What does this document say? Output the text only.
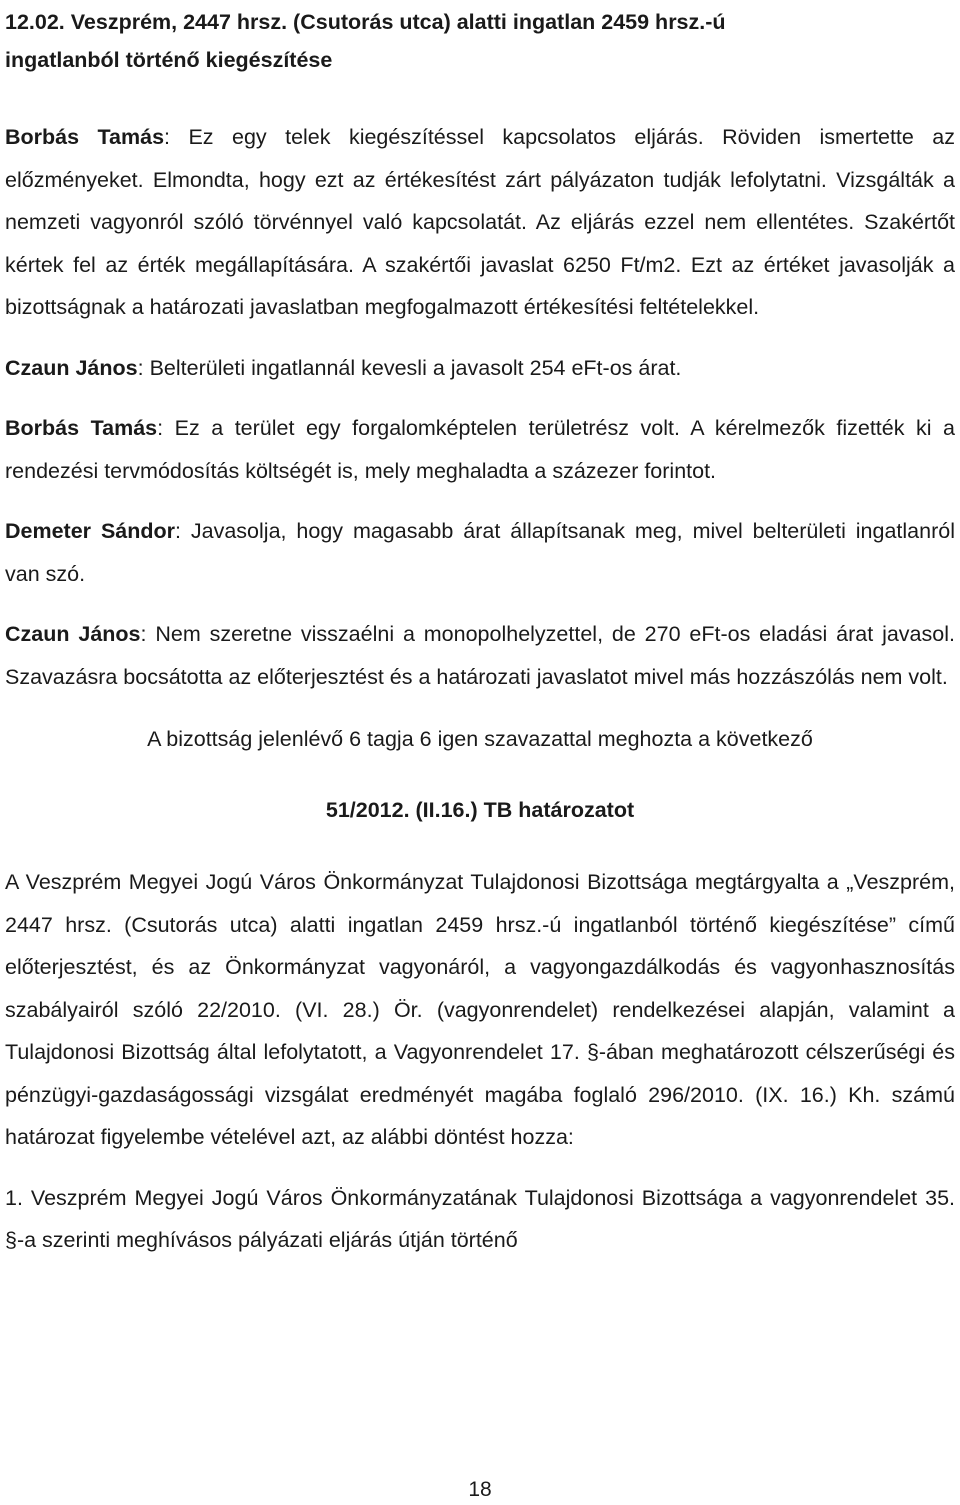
12.02. Veszprém, 2447 hrsz. (Csutorás utca) alatti ingatlan 2459 hrsz.-ú
ingatlanból történő kiegészítése

Borbás Tamás: Ez egy telek kiegészítéssel kapcsolatos eljárás. Röviden ismertette az előzményeket. Elmondta, hogy ezt az értékesítést zárt pályázaton tudják lefolytatni. Vizsgálták a nemzeti vagyonról szóló törvénnyel való kapcsolatát. Az eljárás ezzel nem ellentétes. Szakértőt kértek fel az érték megállapítására. A szakértői javaslat 6250 Ft/m2. Ezt az értéket javasolják a bizottságnak a határozati javaslatban megfogalmazott értékesítési feltételekkel.

Czaun János: Belterületi ingatlannál kevesli a javasolt 254 eFt-os árat.

Borbás Tamás: Ez a terület egy forgalomképtelen területrész volt. A kérelmezők fizették ki a rendezési tervmódosítás költségét is, mely meghaladta a százezer forintot.

Demeter Sándor: Javasolja, hogy magasabb árat állapítsanak meg, mivel belterületi ingatlanról van szó.

Czaun János: Nem szeretne visszaélni a monopolhelyzettel, de 270 eFt-os eladási árat javasol. Szavazásra bocsátotta az előterjesztést és a határozati javaslatot mivel más hozzászólás nem volt.

A bizottság jelenlévő 6 tagja 6 igen szavazattal meghozta a következő

51/2012. (II.16.) TB határozatot

A Veszprém Megyei Jogú Város Önkormányzat Tulajdonosi Bizottsága megtárgyalta a „Veszprém, 2447 hrsz. (Csutorás utca) alatti ingatlan 2459 hrsz.-ú ingatlanból történő kiegészítése” című előterjesztést, és az Önkormányzat vagyonáról, a vagyongazdálkodás és vagyonhasznosítás szabályairól szóló 22/2010. (VI. 28.) Ör. (vagyonrendelet) rendelkezései alapján, valamint a Tulajdonosi Bizottság által lefolytatott, a Vagyonrendelet 17. §-ában meghatározott célszerűségi és pénzügyi-gazdaságossági vizsgálat eredményét magába foglaló 296/2010. (IX. 16.) Kh. számú határozat figyelembe vételével azt, az alábbi döntést hozza:

1. Veszprém Megyei Jogú Város Önkormányzatának Tulajdonosi Bizottsága a vagyonrendelet 35. §-a szerinti meghívásos pályázati eljárás útján történő

18
